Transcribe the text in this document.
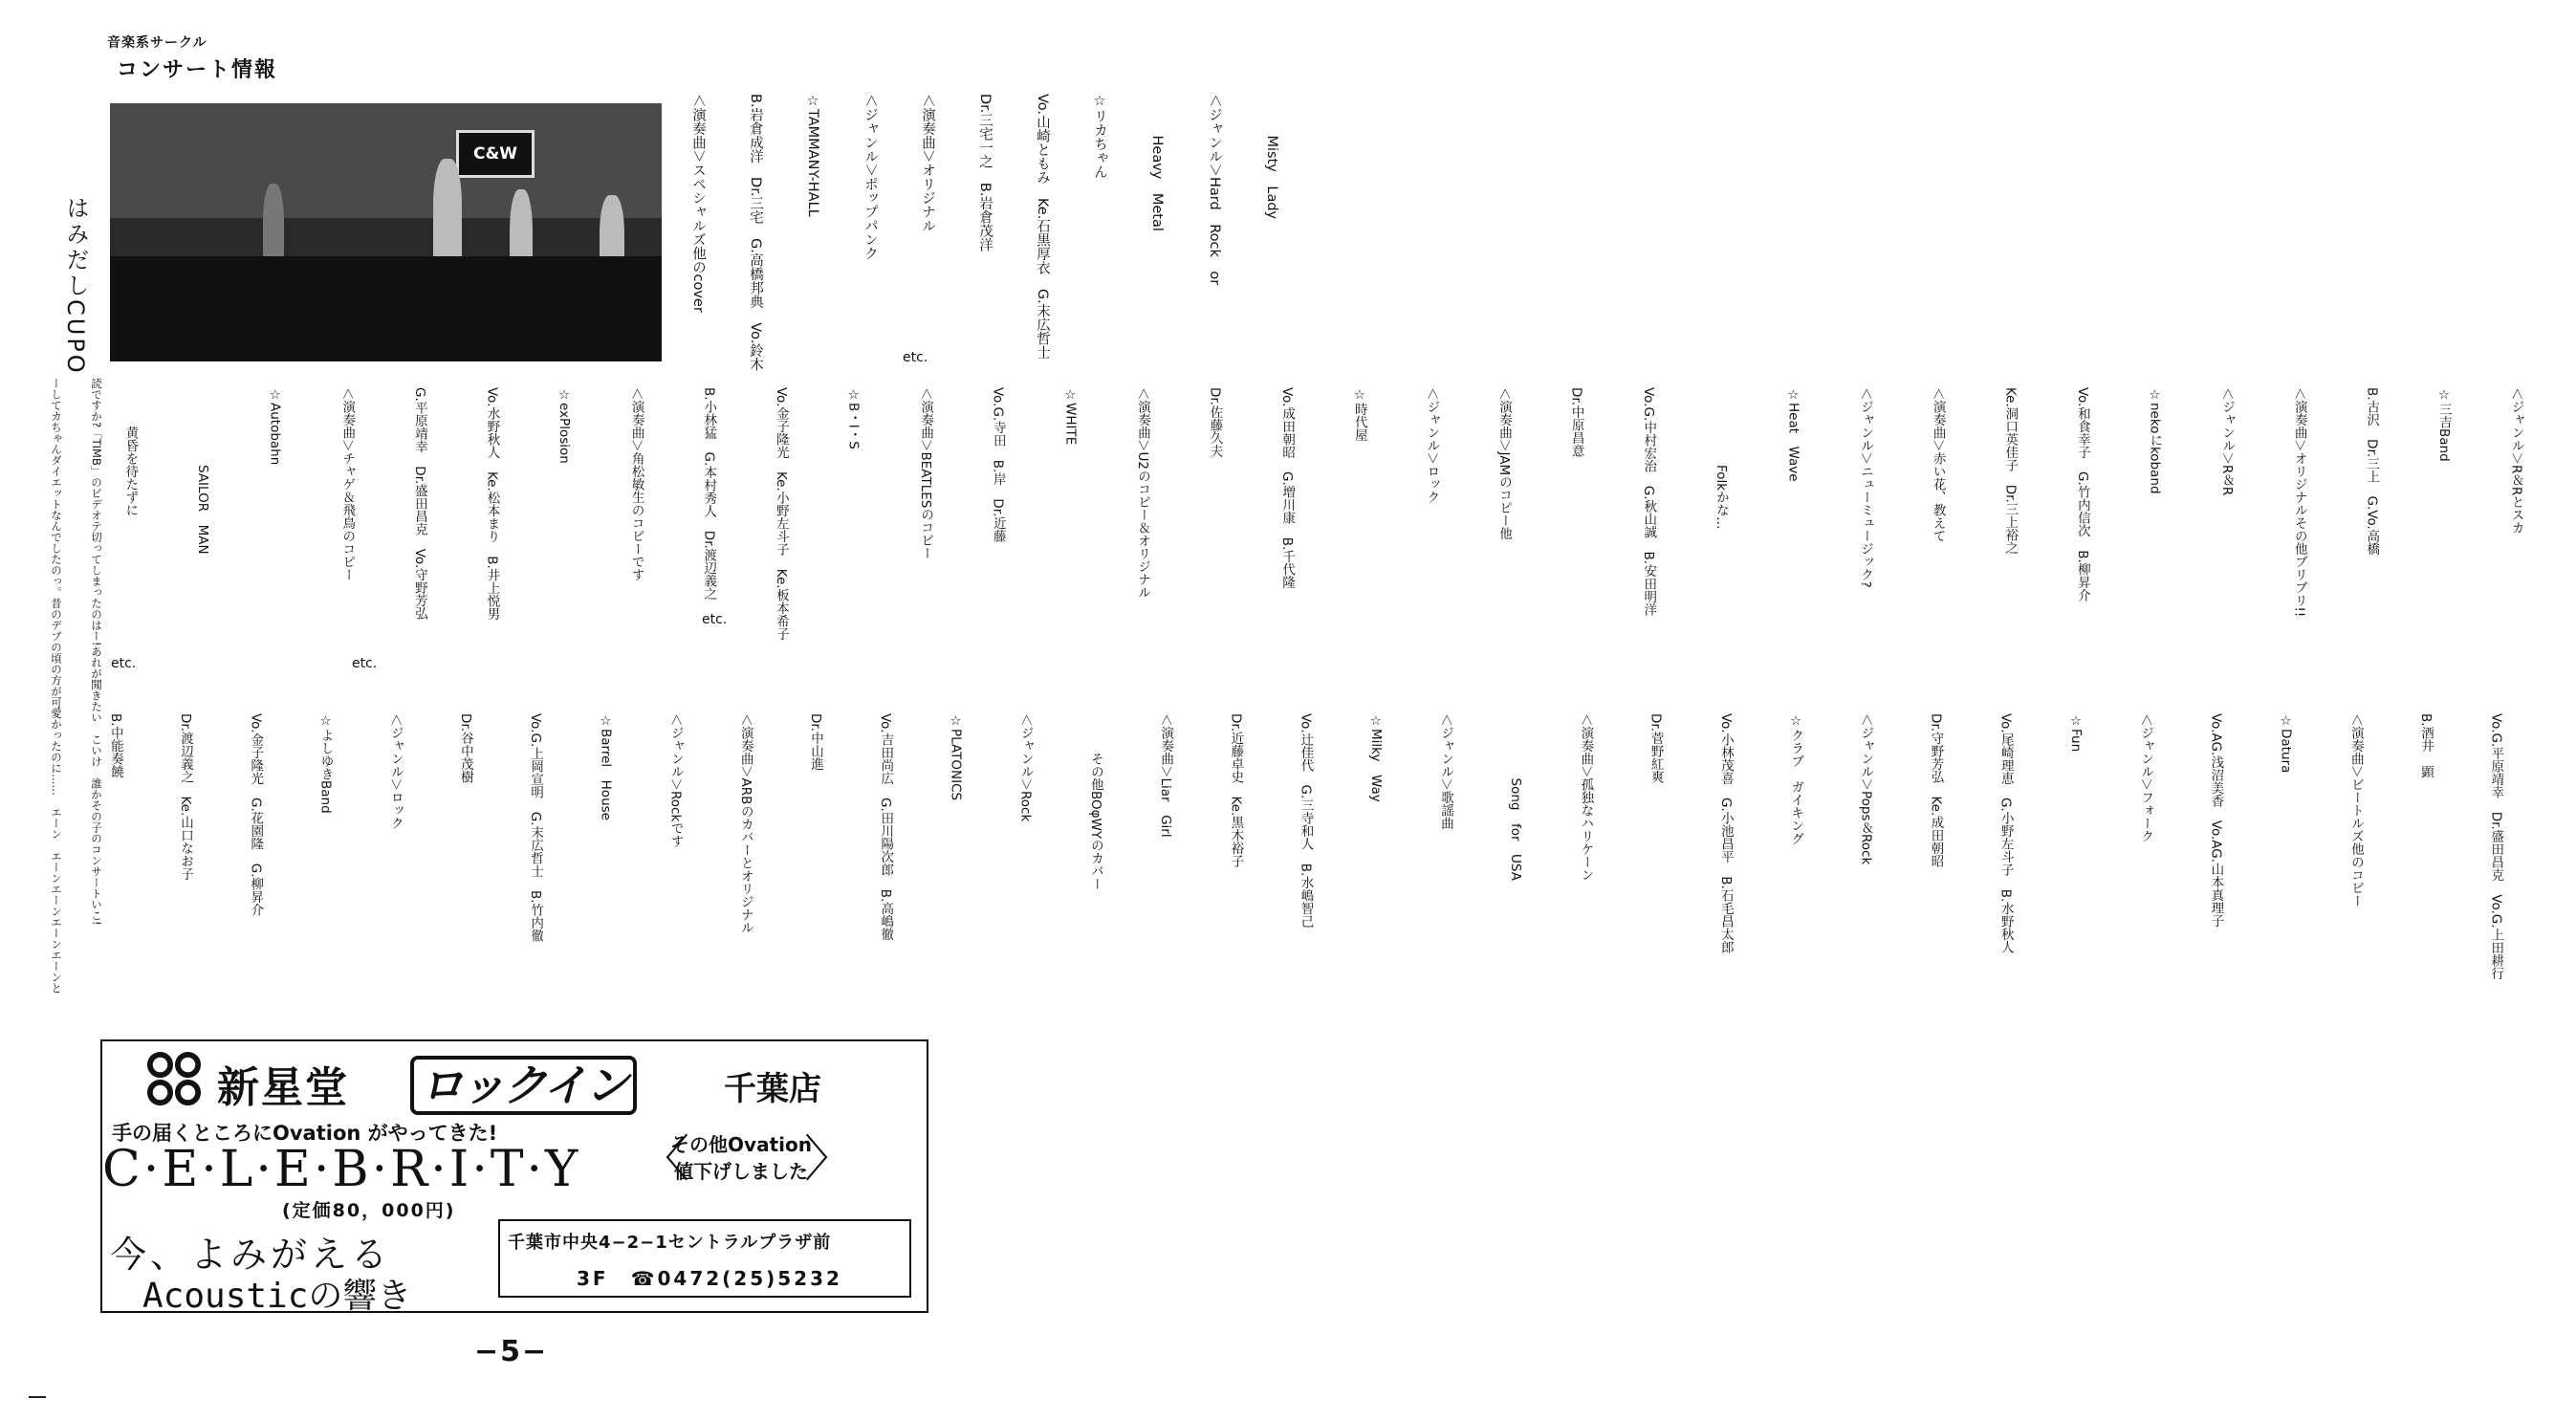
音楽系サークル
コンサート情報
C&W

	　　　Misty　Lady

＜ジャンル＞Hard　Rock　or

　　　Heavy　Metal

☆リカちゃん

Vo.山崎ともみ　Ke.石黒厚衣　G.末広哲士

Dr.三宅一之　B.岩倉茂洋

＜演奏曲＞オリジナル

＜ジャンル＞ポップパンク

☆TAMMANY-HALL

B.岩倉成洋　Dr.三宅　G.高橋邦典　Vo.鈴木

＜演奏曲＞スペシャルズ他のcover

etc.

＜ジャンル＞R＆Rとスカ

☆三吉Band

B.古沢　Dr.三上　G.Vo.高橋

＜演奏曲＞オリジナルその他ブリブリ!!

＜ジャンル＞R＆R

☆nekoにkoband

Vo.和食幸子　G.竹内信次　B.柳昇介

Ke.洞口英佳子　Dr.三上裕之

＜演奏曲＞赤い花、教えて

＜ジャンル＞ニューミュージック?

☆Heat　Wave

　　　　　　Folkかな…

Vo.G.中村宏治　G.秋山誠　B.安田明洋

Dr.中原昌意

＜演奏曲＞JAMのコピー他

＜ジャンル＞ロック

☆時代屋

Vo.成田朝昭　G.増川康　B.千代隆

Dr.佐藤久夫

＜演奏曲＞U2のコピー＆オリジナル

☆WHITE

Vo.G.寺田　B.岸　Dr.近藤

＜演奏曲＞BEATLESのコピー

☆B・I・S

Vo.金子隆光　Ke.小野左斗子　Ke.板本希子

B.小林猛　G.本村秀人　Dr.渡辺義之

＜演奏曲＞角松敏生のコピーです

☆exPlosion

Vo.水野秋人　Ke.松本まり　B.井上悦男

G.平原靖幸　Dr.盛田昌克　Vo.守野芳弘

＜演奏曲＞チャゲ＆飛鳥のコピー

☆Autobahn

　　　　　　SAILOR　MAN

　　　黄昏を待たずに

etc.
etc.
etc.

Vo.G.平原靖幸　Dr.盛田昌克　Vo.G.上田耕行

B.酒井　顕

＜演奏曲＞ビートルズ他のコピー

☆Datura

Vo.AG.浅沼美香　Vo.AG.山本真理子

＜ジャンル＞フォーク

☆Fun

Vo.尾崎理恵　G.小野左斗子　B.水野秋人

Dr.守野芳弘　Ke.成田朝昭

＜ジャンル＞Pops＆Rock

☆クラブ　ガイキング

Vo.小林茂喜　G.小池昌平　B.石毛昌太郎

Dr.菅野紅爽

＜演奏曲＞孤独なハリケーン

　　　　　Song　for　USA

＜ジャンル＞歌謡曲

☆Milky　Way

Vo.辻佳代　G.三寺和人　B.水嶋智己

Dr.近藤卓史　Ke.黒木裕子

＜演奏曲＞Liar　Girl

　　　その他BOφWYのカバー

＜ジャンル＞Rock

☆PLATONICS

Vo.吉田尚広　G.田川陽次郎　B.高嶋徹

Dr.中山進

＜演奏曲＞ARBのカバーとオリジナル

＜ジャンル＞Rockです

☆Barrel　House

Vo.G.上岡宣明　G.末広哲士　B.竹内徹

Dr.谷中茂樹

＜ジャンル＞ロック

☆よしゆきBand

Vo.金子隆光　G.花園隆　G.柳昇介

Dr.渡辺義之　Ke.山口なお子

B.中能奏饒

はみだしCUPO

読ですか?「TIMB」のビデオテ切ってしまったのはー!あれが聞きたい　こいけ　誰かその子のコンサートいこ!

ーしてカちゃんダイエットなんでしたのっ。昔のデブの頃の方が可愛かったのに……　エーン　エーンエーンエーンエーンと

新星堂 ロックイン	千葉店
手の届くところにOvation がやってきた!
C·E·L·E·B·R·I·T·Y
(定価80，000円)
〈
その他Ovation
値下げしました
〉
今、よみがえる
Acousticの響き
千葉市中央4−2−1セントラルプラザ前
3F　☎0472(25)5232
−5−
